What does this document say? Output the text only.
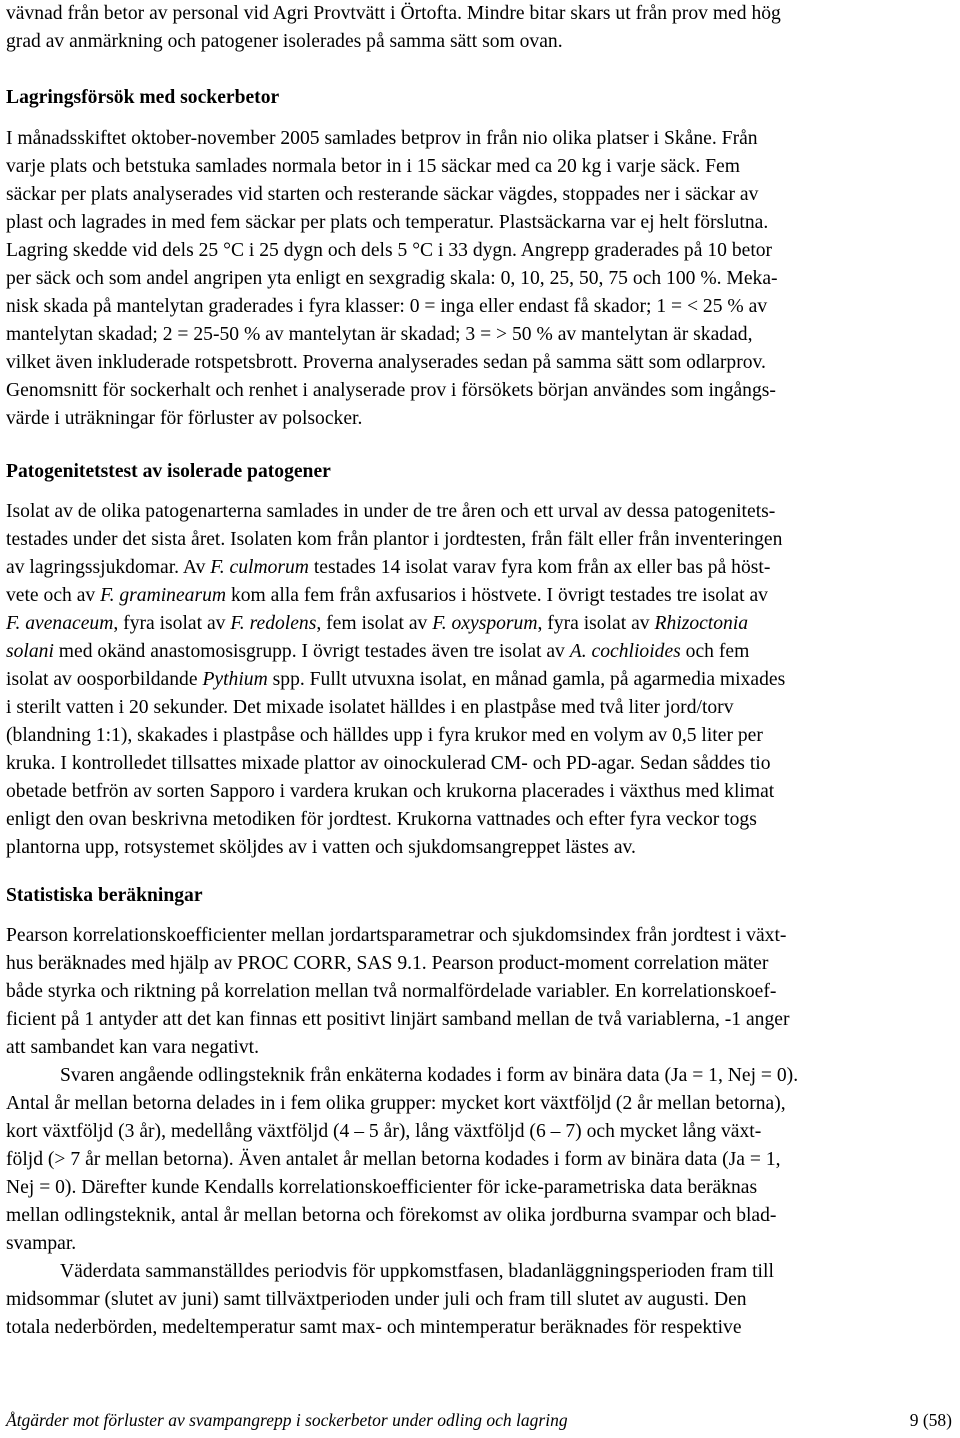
vävnad från betor av personal vid Agri Provtvätt i Örtofta. Mindre bitar skars ut från prov med hög
grad av anmärkning och patogener isolerades på samma sätt som ovan.
Lagringsförsök med sockerbetor
I månadsskiftet oktober-november 2005 samlades betprov in från nio olika platser i Skåne. Från
varje plats och betstuka samlades normala betor in i 15 säckar med ca 20 kg i varje säck. Fem
säckar per plats analyserades vid starten och resterande säckar vägdes, stoppades ner i säckar av
plast och lagrades in med fem säckar per plats och temperatur. Plastsäckarna var ej helt förslutna.
Lagring skedde vid dels 25 °C i 25 dygn och dels 5 °C i 33 dygn. Angrepp graderades på 10 betor
per säck och som andel angripen yta enligt en sexgradig skala: 0, 10, 25, 50, 75 och 100 %. Meka-
nisk skada på mantelytan graderades i fyra klasser: 0 = inga eller endast få skador; 1 = < 25 % av
mantelytan skadad; 2 = 25-50 % av mantelytan är skadad; 3 = > 50 % av mantelytan är skadad,
vilket även inkluderade rotspetsbrott. Proverna analyserades sedan på samma sätt som odlarprov.
Genomsnitt för sockerhalt och renhet i analyserade prov i försökets början användes som ingångs-
värde i uträkningar för förluster av polsocker.
Patogenitetstest av isolerade patogener
Isolat av de olika patogenarterna samlades in under de tre åren och ett urval av dessa patogenitets-
testades under det sista året. Isolaten kom från plantor i jordtesten, från fält eller från inventeringen
av lagringssjukdomar. Av F. culmorum testades 14 isolat varav fyra kom från ax eller bas på höst-
vete och av F. graminearum kom alla fem från axfusarios i höstvete. I övrigt testades tre isolat av
F. avenaceum, fyra isolat av F. redolens, fem isolat av F. oxysporum, fyra isolat av Rhizoctonia
solani med okänd anastomosisgrupp. I övrigt testades även tre isolat av A. cochlioides och fem
isolat av oosporbildande Pythium spp. Fullt utvuxna isolat, en månad gamla, på agarmedia mixades
i sterilt vatten i 20 sekunder. Det mixade isolatet hälldes i en plastpåse med två liter jord/torv
(blandning 1:1), skakades i plastpåse och hälldes upp i fyra krukor med en volym av 0,5 liter per
kruka. I kontrolledet tillsattes mixade plattor av oinockulerad CM- och PD-agar. Sedan såddes tio
obetade betfrön av sorten Sapporo i vardera krukan och krukorna placerades i växthus med klimat
enligt den ovan beskrivna metodiken för jordtest. Krukorna vattnades och efter fyra veckor togs
plantorna upp, rotsystemet sköljdes av i vatten och sjukdomsangreppet lästes av.
Statistiska beräkningar
Pearson korrelationskoefficienter mellan jordartsparametrar och sjukdomsindex från jordtest i växt-
hus beräknades med hjälp av PROC CORR, SAS 9.1. Pearson product-moment correlation mäter
både styrka och riktning på korrelation mellan två normalfördelade variabler. En korrelationskoef-
ficient på 1 antyder att det kan finnas ett positivt linjärt samband mellan de två variablerna, -1 anger
att sambandet kan vara negativt.
Svaren angående odlingsteknik från enkäterna kodades i form av binära data (Ja = 1, Nej = 0).
Antal år mellan betorna delades in i fem olika grupper: mycket kort växtföljd (2 år mellan betorna),
kort växtföljd (3 år), medellång växtföljd (4 – 5 år), lång växtföljd (6 – 7) och mycket lång växt-
följd (> 7 år mellan betorna). Även antalet år mellan betorna kodades i form av binära data (Ja = 1,
Nej = 0). Därefter kunde Kendalls korrelationskoefficienter för icke-parametriska data beräknas
mellan odlingsteknik, antal år mellan betorna och förekomst av olika jordburna svampar och blad-
svampar.
Väderdata sammanställdes periodvis för uppkomstfasen, bladanläggningsperioden fram till
midsommar (slutet av juni) samt tillväxtperioden under juli och fram till slutet av augusti. Den
totala nederbörden, medeltemperatur samt max- och mintemperatur beräknades för respektive
Åtgärder mot förluster av svampangrepp i sockerbetor under odling och lagring	9 (58)
